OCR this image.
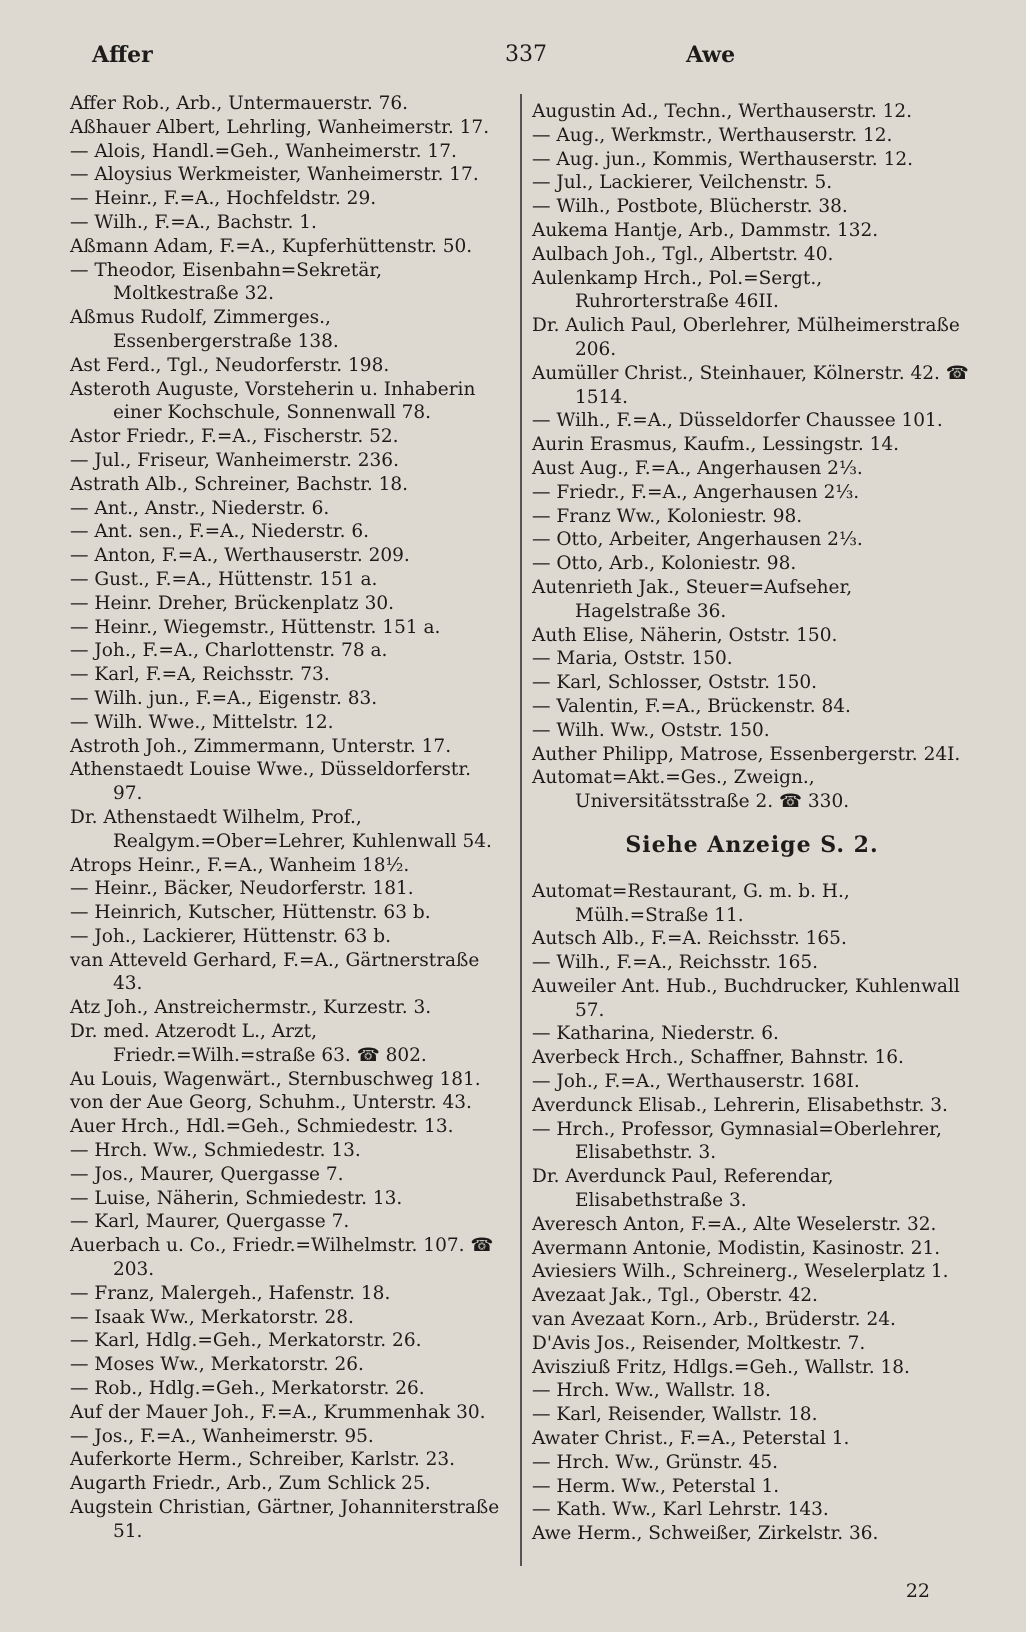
Affer	337	Awe
Affer Rob., Arb., Untermauerstr. 76.
Aßhauer Albert, Lehrling, Wanheimerstr. 17.
— Alois, Handl.=Geh., Wanheimerstr. 17.
— Aloysius Werkmeister, Wanheimerstr. 17.
— Heinr., F.=A., Hochfeldstr. 29.
— Wilh., F.=A., Bachstr. 1.
Aßmann Adam, F.=A., Kupferhüttenstr. 50.
— Theodor, Eisenbahn=Sekretär, Moltkestraße 32.
Aßmus Rudolf, Zimmerges., Essenbergerstraße 138.
Ast Ferd., Tgl., Neudorferstr. 198.
Asteroth Auguste, Vorsteherin u. Inhaberin einer Kochschule, Sonnenwall 78.
Astor Friedr., F.=A., Fischerstr. 52.
— Jul., Friseur, Wanheimerstr. 236.
Astrath Alb., Schreiner, Bachstr. 18.
— Ant., Anstr., Niederstr. 6.
— Ant. sen., F.=A., Niederstr. 6.
— Anton, F.=A., Werthauserstr. 209.
— Gust., F.=A., Hüttenstr. 151 a.
— Heinr. Dreher, Brückenplatz 30.
— Heinr., Wiegemstr., Hüttenstr. 151 a.
— Joh., F.=A., Charlottenstr. 78 a.
— Karl, F.=A, Reichsstr. 73.
— Wilh. jun., F.=A., Eigenstr. 83.
— Wilh. Wwe., Mittelstr. 12.
Astroth Joh., Zimmermann, Unterstr. 17.
Athenstaedt Louise Wwe., Düsseldorferstr. 97.
Dr. Athenstaedt Wilhelm, Prof., Realgym.=Ober=Lehrer, Kuhlenwall 54.
Atrops Heinr., F.=A., Wanheim 18½.
— Heinr., Bäcker, Neudorferstr. 181.
— Heinrich, Kutscher, Hüttenstr. 63 b.
— Joh., Lackierer, Hüttenstr. 63 b.
van Atteveld Gerhard, F.=A., Gärtnerstraße 43.
Atz Joh., Anstreichermstr., Kurzestr. 3.
Dr. med. Atzerodt L., Arzt, Friedr.=Wilh.=straße 63. ☎ 802.
Au Louis, Wagenwärt., Sternbuschweg 181.
von der Aue Georg, Schuhm., Unterstr. 43.
Auer Hrch., Hdl.=Geh., Schmiedestr. 13.
— Hrch. Ww., Schmiedestr. 13.
— Jos., Maurer, Quergasse 7.
— Luise, Näherin, Schmiedestr. 13.
— Karl, Maurer, Quergasse 7.
Auerbach u. Co., Friedr.=Wilhelmstr. 107. ☎ 203.
— Franz, Malergeh., Hafenstr. 18.
— Isaak Ww., Merkatorstr. 28.
— Karl, Hdlg.=Geh., Merkatorstr. 26.
— Moses Ww., Merkatorstr. 26.
— Rob., Hdlg.=Geh., Merkatorstr. 26.
Auf der Mauer Joh., F.=A., Krummenhak 30.
— Jos., F.=A., Wanheimerstr. 95.
Auferkorte Herm., Schreiber, Karlstr. 23.
Augarth Friedr., Arb., Zum Schlick 25.
Augstein Christian, Gärtner, Johanniterstraße 51.
Augustin Ad., Techn., Werthauserstr. 12.
— Aug., Werkmstr., Werthauserstr. 12.
— Aug. jun., Kommis, Werthauserstr. 12.
— Jul., Lackierer, Veilchenstr. 5.
— Wilh., Postbote, Blücherstr. 38.
Aukema Hantje, Arb., Dammstr. 132.
Aulbach Joh., Tgl., Albertstr. 40.
Aulenkamp Hrch., Pol.=Sergt., Ruhrorterstraße 46II.
Dr. Aulich Paul, Oberlehrer, Mülheimerstraße 206.
Aumüller Christ., Steinhauer, Kölnerstr. 42. ☎ 1514.
— Wilh., F.=A., Düsseldorfer Chaussee 101.
Aurin Erasmus, Kaufm., Lessingstr. 14.
Aust Aug., F.=A., Angerhausen 2⅓.
— Friedr., F.=A., Angerhausen 2⅓.
— Franz Ww., Koloniestr. 98.
— Otto, Arbeiter, Angerhausen 2⅓.
— Otto, Arb., Koloniestr. 98.
Autenrieth Jak., Steuer=Aufseher, Hagelstraße 36.
Auth Elise, Näherin, Oststr. 150.
— Maria, Oststr. 150.
— Karl, Schlosser, Oststr. 150.
— Valentin, F.=A., Brückenstr. 84.
— Wilh. Ww., Oststr. 150.
Auther Philipp, Matrose, Essenbergerstr. 24I.
Automat=Akt.=Ges., Zweign., Universitätsstraße 2. ☎ 330.
Siehe Anzeige S. 2.
Automat=Restaurant, G. m. b. H., Mülh.=Straße 11.
Autsch Alb., F.=A. Reichsstr. 165.
— Wilh., F.=A., Reichsstr. 165.
Auweiler Ant. Hub., Buchdrucker, Kuhlenwall 57.
— Katharina, Niederstr. 6.
Averbeck Hrch., Schaffner, Bahnstr. 16.
— Joh., F.=A., Werthauserstr. 168I.
Averdunck Elisab., Lehrerin, Elisabethstr. 3.
— Hrch., Professor, Gymnasial=Oberlehrer, Elisabethstr. 3.
Dr. Averdunck Paul, Referendar, Elisabethstraße 3.
Averesch Anton, F.=A., Alte Weselerstr. 32.
Avermann Antonie, Modistin, Kasinostr. 21.
Aviesiers Wilh., Schreinerg., Weselerplatz 1.
Avezaat Jak., Tgl., Oberstr. 42.
van Avezaat Korn., Arb., Brüderstr. 24.
D'Avis Jos., Reisender, Moltkestr. 7.
Avisziuß Fritz, Hdlgs.=Geh., Wallstr. 18.
— Hrch. Ww., Wallstr. 18.
— Karl, Reisender, Wallstr. 18.
Awater Christ., F.=A., Peterstal 1.
— Hrch. Ww., Grünstr. 45.
— Herm. Ww., Peterstal 1.
— Kath. Ww., Karl Lehrstr. 143.
Awe Herm., Schweißer, Zirkelstr. 36.
22
